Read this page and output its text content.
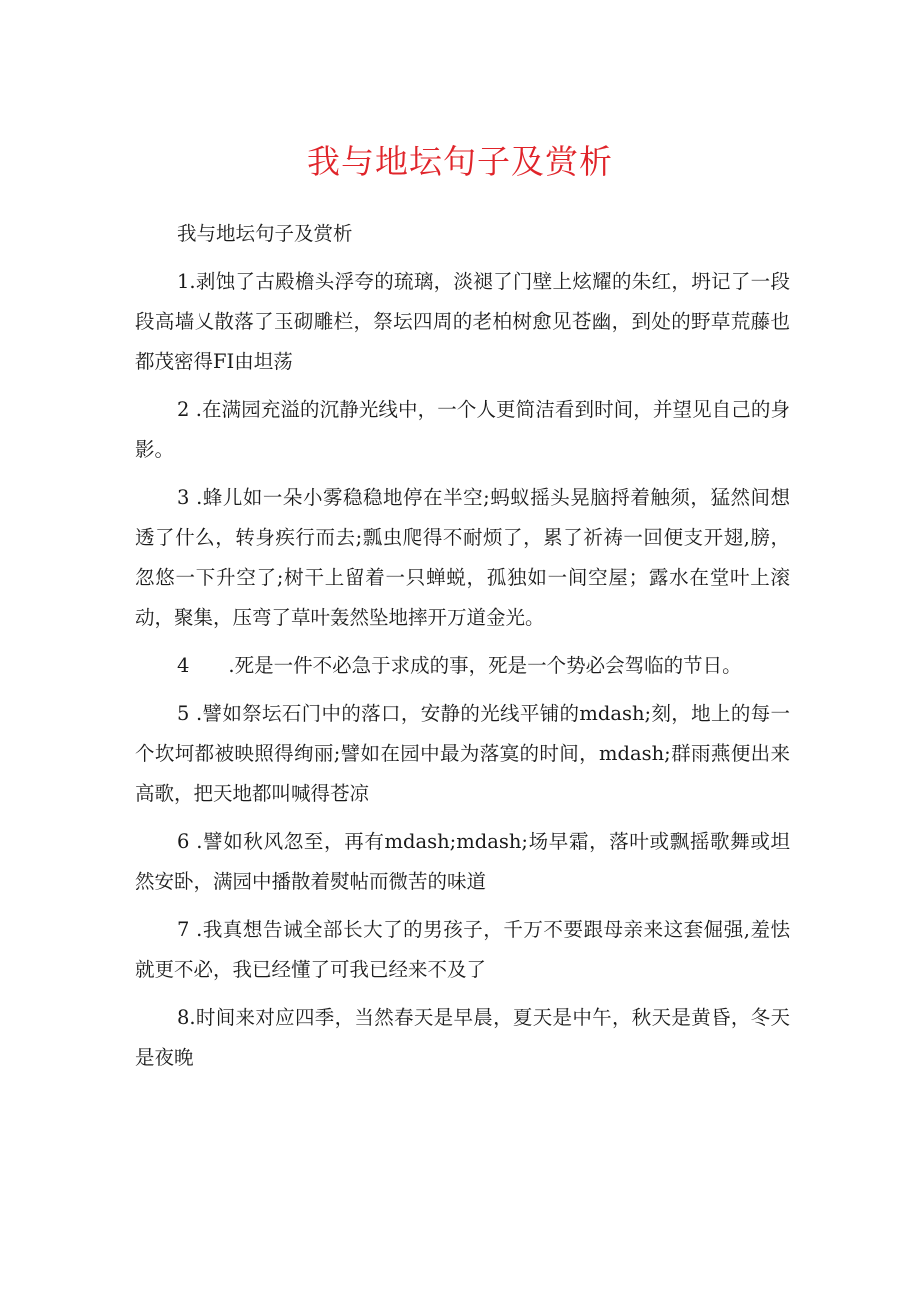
我与地坛句子及赏析

我与地坛句子及赏析

1.剥蚀了古殿檐头浮夸的琉璃，淡褪了门壁上炫耀的朱红，坍记了一段段高墙乂散落了玉砌雕栏，祭坛四周的老柏树愈见苍幽，到处的野草荒藤也都茂密得FI由坦荡

2 .在满园充溢的沉静光线中，一个人更简洁看到时间，并望见自己的身影。

3 .蜂儿如一朵小雾稳稳地停在半空;蚂蚁摇头晃脑捋着触须，猛然间想透了什么，转身疾行而去;瓢虫爬得不耐烦了，累了祈祷一回便支开翅,膀，忽悠一下升空了;树干上留着一只蝉蜕，孤独如一间空屋；露水在堂叶上滚动，聚集，压弯了草叶轰然坠地摔开万道金光。

4　　.死是一件不必急于求成的事，死是一个势必会驾临的节日。

5 .譬如祭坛石门中的落口，安静的光线平铺的mdash;刻，地上的每一个坎坷都被映照得绚丽;譬如在园中最为落寞的时间，mdash;群雨燕便出来高歌，把天地都叫喊得苍凉

6 .譬如秋风忽至，再有mdash;mdash;场早霜，落叶或飘摇歌舞或坦然安卧，满园中播散着熨帖而微苦的味道

7 .我真想告诫全部长大了的男孩子，千万不要跟母亲来这套倔强,羞怯就更不必，我已经懂了可我已经来不及了

8.时间来对应四季，当然春天是早晨，夏天是中午，秋天是黄昏，冬天是夜晚
